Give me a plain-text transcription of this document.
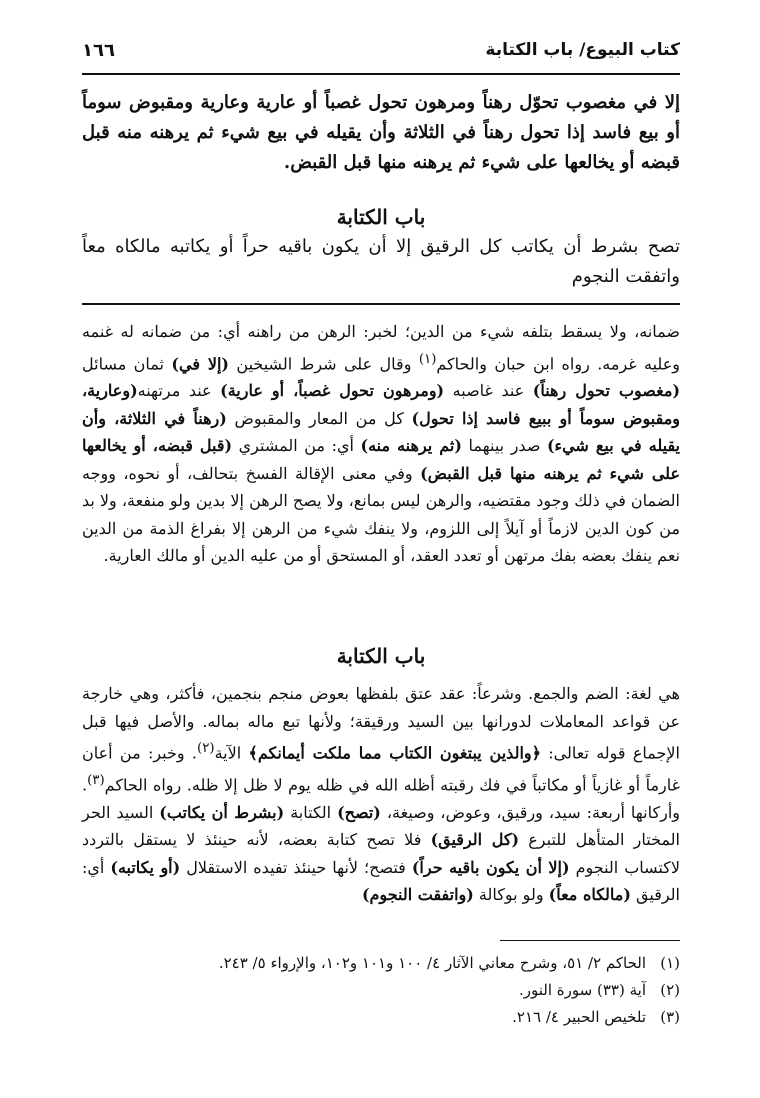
كتاب البيوع/ باب الكتابة
١٦٦
إلا في مغصوب تحوّل رهناً ومرهون تحول غصباً أو عارية وعارية ومقبوض سوماً أو بيع فاسد إذا تحول رهناً في الثلاثة وأن يقيله في بيع شيء ثم يرهنه منه قبل قبضه أو يخالعها على شيء ثم يرهنه منها قبل القبض.
باب الكتابة
تصح بشرط أن يكاتب كل الرقيق إلا أن يكون باقيه حراً أو يكاتبه مالكاه معاً واتفقت النجوم
ضمانه، ولا يسقط بتلفه شيء من الدين؛ لخبر: الرهن من راهنه أي: من ضمانه له غنمه وعليه غرمه. رواه ابن حبان والحاكم$^{(١)}$ وقال على شرط الشيخين (إلا في) ثمان مسائل (مغصوب تحول رهناً) عند غاصبه (ومرهون تحول غصباً، أو عارية) عند مرتهنه(وعارية، ومقبوض سوماً أو ببيع فاسد إذا تحول) كل من المعار والمقبوض (رهناً في الثلاثة، وأن يقيله في بيع شيء) صدر بينهما (ثم يرهنه منه) أي: من المشتري (قبل قبضه، أو يخالعها على شيء ثم يرهنه منها قبل القبض) وفي معنى الإقالة الفسخ بتحالف، أو نحوه، ووجه الضمان في ذلك وجود مقتضيه، والرهن ليس بمانع، ولا يصح الرهن إلا بدين ولو منفعة، ولا بد من كون الدين لازماً أو آيلاً إلى اللزوم، ولا ينفك شيء من الرهن إلا بفراغ الذمة من الدين نعم ينفك بعضه بفك مرتهن أو تعدد العقد، أو المستحق أو من عليه الدين أو مالك العارية.
باب الكتابة
هي لغة: الضم والجمع. وشرعاً: عقد عتق بلفظها بعوض منجم بنجمين، فأكثر، وهي خارجة عن قواعد المعاملات لدورانها بين السيد ورقيقة؛ ولأنها تبع ماله بماله. والأصل فيها قبل الإجماع قوله تعالى: ﴿والذين يبتغون الكتاب مما ملكت أيمانكم﴾ الآية$^{(٢)}$. وخبر: من أعان غارماً أو غازياً أو مكاتباً في فك رقبته أظله الله في ظله يوم لا ظل إلا ظله. رواه الحاكم$^{(٣)}$. وأركانها أربعة: سيد، ورقيق، وعوض، وصيغة، (تصح) الكتابة (بشرط أن يكاتب) السيد الحر المختار المتأهل للتبرع (كل الرقيق) فلا تصح كتابة بعضه، لأنه حينئذ لا يستقل بالتردد لاكتساب النجوم (إلا أن يكون باقيه حراً) فتصح؛ لأنها حينئذ تفيده الاستقلال (أو يكاتبه) أي: الرقيق (مالكاه معاً) ولو بوكالة (واتفقت النجوم)
(١)
الحاكم ٢/ ٥١، وشرح معاني الآثار ٤/ ١٠٠ و١٠١ و١٠٢، والإرواء ٥/ ٢٤٣.
(٢)
آية (٣٣) سورة النور.
(٣)
تلخيص الحبير ٤/ ٢١٦.
